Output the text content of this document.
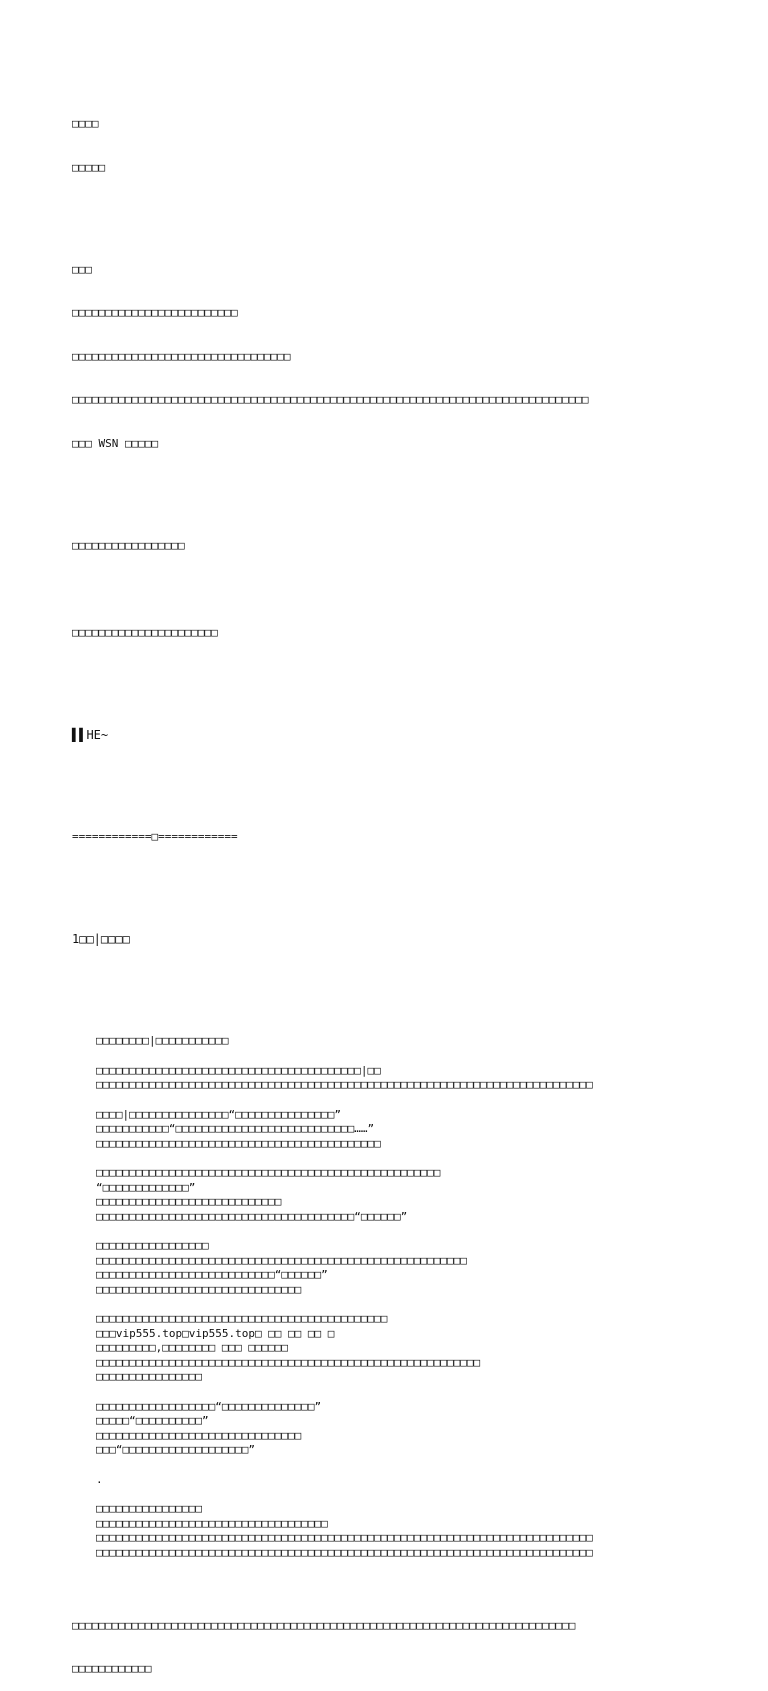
□□□□

□□□□□

□□□

□□□□□□□□□□□□□□□□□□□□□□□□□

□□□□□□□□□□□□□□□□□□□□□□□□□□□□□□□□□

□□□□□□□□□□□□□□□□□□□□□□□□□□□□□□□□□□□□□□□□□□□□□□□□□□□□□□□□□□□□□□□□□□□□□□□□□□□□□□

□□□ WSN □□□□□

□□□□□□□□□□□□□□□□□

□□□□□□□□□□□□□□□□□□□□□□

▌▌HE~

============□============

1□□|□□□□

□□□□□□□□|□□□□□□□□□□□
□□□□□□□□□□□□□□□□□□□□□□□□□□□□□□□□□□□□□□□□|□□
□□□□□□□□□□□□□□□□□□□□□□□□□□□□□□□□□□□□□□□□□□□□□□□□□□□□□□□□□□□□□□□□□□□□□□□□□□□
□□□□|□□□□□□□□□□□□□□□“□□□□□□□□□□□□□□□”
□□□□□□□□□□□“□□□□□□□□□□□□□□□□□□□□□□□□□□□……”
□□□□□□□□□□□□□□□□□□□□□□□□□□□□□□□□□□□□□□□□□□□
□□□□□□□□□□□□□□□□□□□□□□□□□□□□□□□□□□□□□□□□□□□□□□□□□□□□
“□□□□□□□□□□□□□”
□□□□□□□□□□□□□□□□□□□□□□□□□□□□
□□□□□□□□□□□□□□□□□□□□□□□□□□□□□□□□□□□□□□□“□□□□□□”
□□□□□□□□□□□□□□□□□
□□□□□□□□□□□□□□□□□□□□□□□□□□□□□□□□□□□□□□□□□□□□□□□□□□□□□□□□
□□□□□□□□□□□□□□□□□□□□□□□□□□□“□□□□□□”
□□□□□□□□□□□□□□□□□□□□□□□□□□□□□□□
□□□□□□□□□□□□□□□□□□□□□□□□□□□□□□□□□□□□□□□□□□□□
□□□vip555.top□vip555.top□ □□ □□ □□ □
□□□□□□□□□,□□□□□□□□ □□□ □□□□□□
□□□□□□□□□□□□□□□□□□□□□□□□□□□□□□□□□□□□□□□□□□□□□□□□□□□□□□□□□□
□□□□□□□□□□□□□□□□
□□□□□□□□□□□□□□□□□□“□□□□□□□□□□□□□□”
□□□□□“□□□□□□□□□□”
□□□□□□□□□□□□□□□□□□□□□□□□□□□□□□□
□□□“□□□□□□□□□□□□□□□□□□□”
.
□□□□□□□□□□□□□□□□
□□□□□□□□□□□□□□□□□□□□□□□□□□□□□□□□□□□
□□□□□□□□□□□□□□□□□□□□□□□□□□□□□□□□□□□□□□□□□□□□□□□□□□□□□□□□□□□□□□□□□□□□□□□□□□□
□□□□□□□□□□□□□□□□□□□□□□□□□□□□□□□□□□□□□□□□□□□□□□□□□□□□□□□□□□□□□□□□□□□□□□□□□□□

□□□□□□□□□□□□□□□□□□□□□□□□□□□□□□□□□□□□□□□□□□□□□□□□□□□□□□□□□□□□□□□□□□□□□□□□□□□□

□□□□□□□□□□□□
